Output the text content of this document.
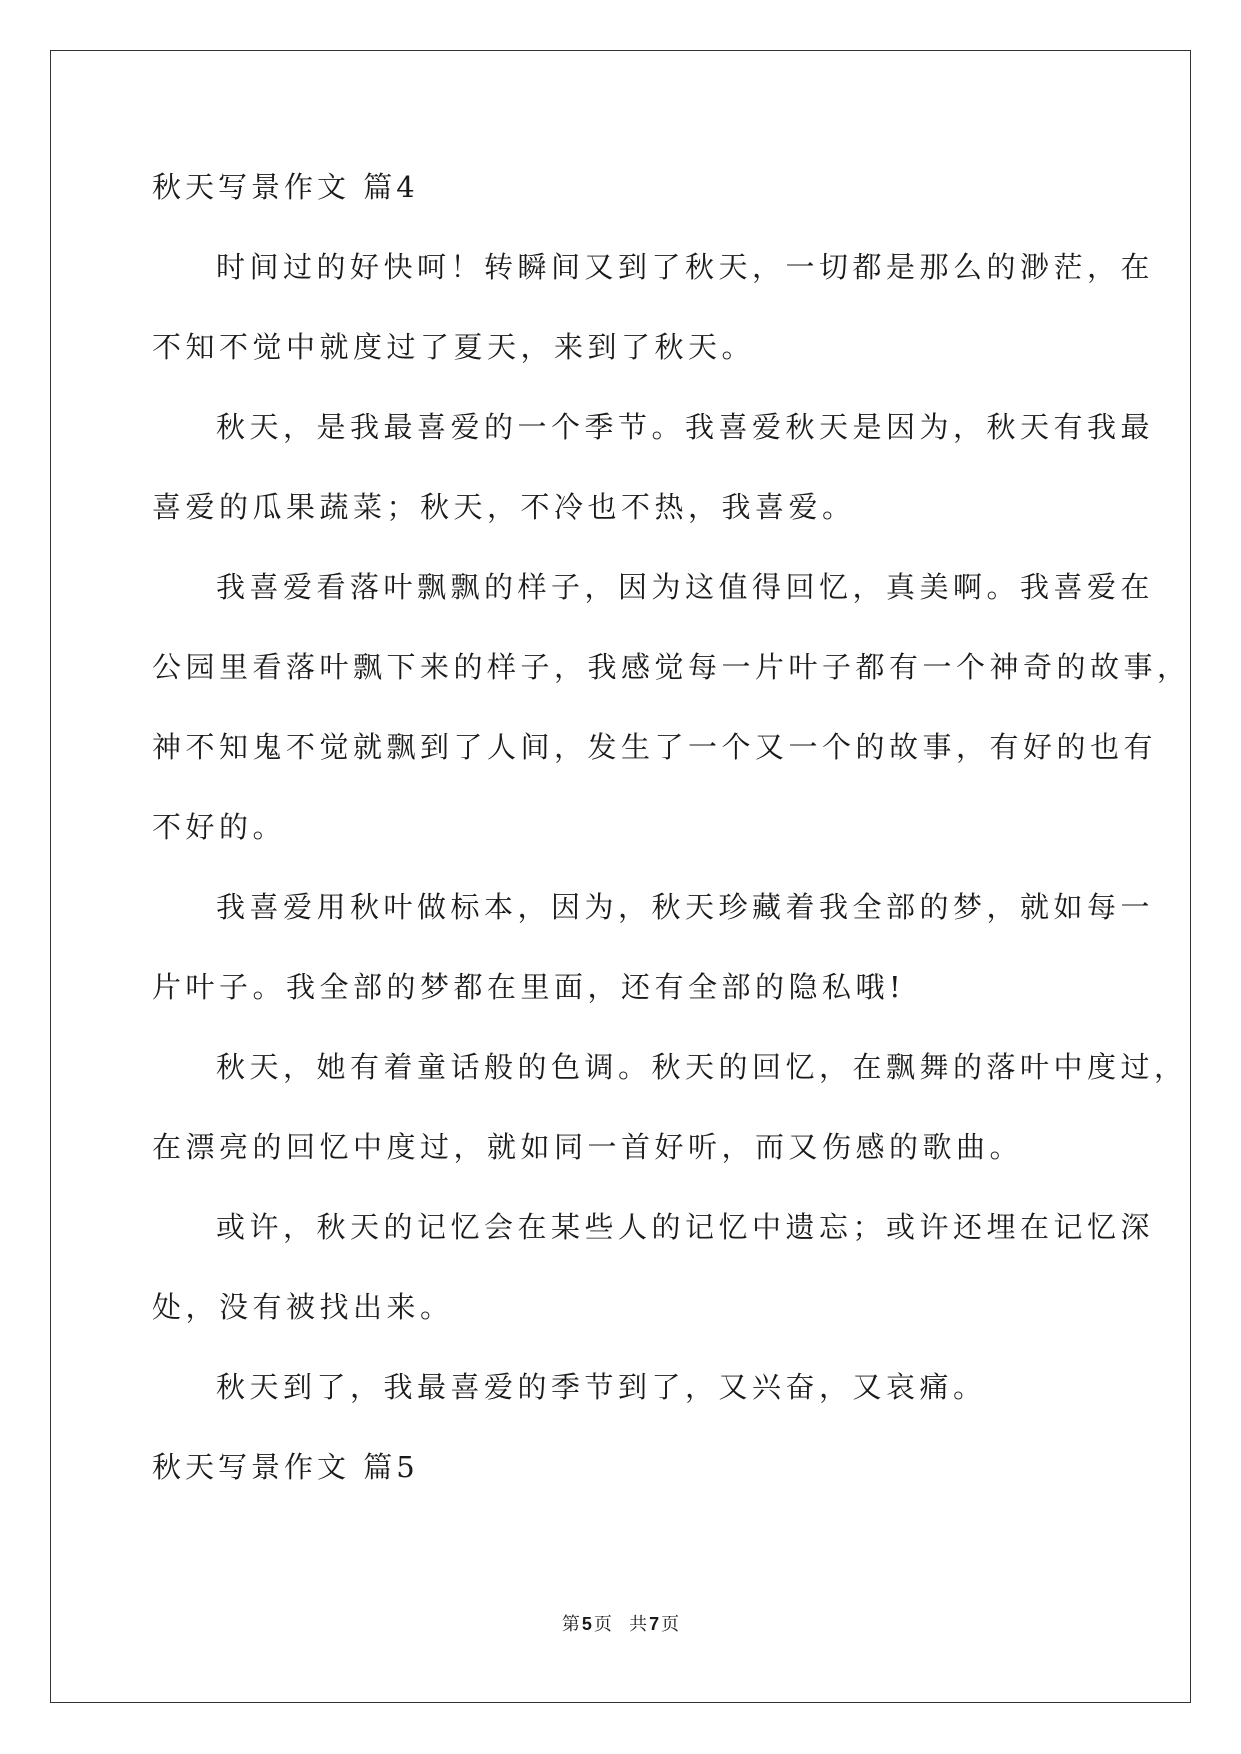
秋天写景作文 篇4
时间过的好快呵！转瞬间又到了秋天，一切都是那么的渺茫，在
不知不觉中就度过了夏天，来到了秋天。
秋天，是我最喜爱的一个季节。我喜爱秋天是因为，秋天有我最
喜爱的瓜果蔬菜；秋天，不冷也不热，我喜爱。
我喜爱看落叶飘飘的样子，因为这值得回忆，真美啊。我喜爱在
公园里看落叶飘下来的样子，我感觉每一片叶子都有一个神奇的故事，
神不知鬼不觉就飘到了人间，发生了一个又一个的故事，有好的也有
不好的。
我喜爱用秋叶做标本，因为，秋天珍藏着我全部的梦，就如每一
片叶子。我全部的梦都在里面，还有全部的隐私哦!
秋天，她有着童话般的色调。秋天的回忆，在飘舞的落叶中度过，
在漂亮的回忆中度过，就如同一首好听，而又伤感的歌曲。
或许，秋天的记忆会在某些人的记忆中遗忘；或许还埋在记忆深
处，没有被找出来。
秋天到了，我最喜爱的季节到了，又兴奋，又哀痛。
秋天写景作文 篇5
第 5 页   共 7 页
